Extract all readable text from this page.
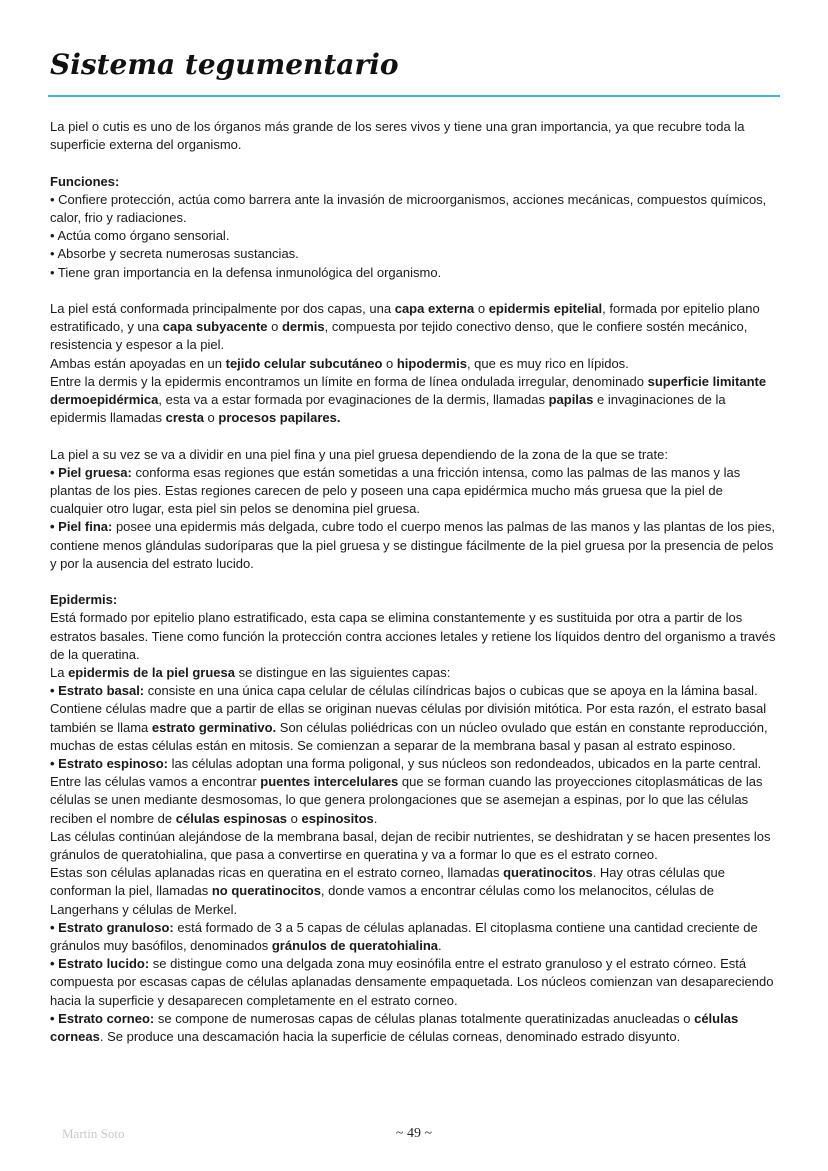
Sistema tegumentario

La piel o cutis es uno de los órganos más grande de los seres vivos y tiene una gran importancia, ya que recubre toda la superficie externa del organismo.

Funciones:

• Confiere protección, actúa como barrera ante la invasión de microorganismos, acciones mecánicas, compuestos químicos, calor, frio y radiaciones.

• Actúa como órgano sensorial.

• Absorbe y secreta numerosas sustancias.

• Tiene gran importancia en la defensa inmunológica del organismo.

La piel está conformada principalmente por dos capas, una capa externa o epidermis epitelial, formada por epitelio plano estratificado, y una capa subyacente o dermis, compuesta por tejido conectivo denso, que le confiere sostén mecánico, resistencia y espesor a la piel.

Ambas están apoyadas en un tejido celular subcutáneo o hipodermis, que es muy rico en lípidos.

Entre la dermis y la epidermis encontramos un límite en forma de línea ondulada irregular, denominado superficie limitante dermoepidérmica, esta va a estar formada por evaginaciones de la dermis, llamadas papilas e invaginaciones de la epidermis llamadas cresta o procesos papilares.

La piel a su vez se va a dividir en una piel fina y una piel gruesa dependiendo de la zona de la que se trate:

• Piel gruesa: conforma esas regiones que están sometidas a una fricción intensa, como las palmas de las manos y las plantas de los pies. Estas regiones carecen de pelo y poseen una capa epidérmica mucho más gruesa que la piel de cualquier otro lugar, esta piel sin pelos se denomina piel gruesa.

• Piel fina: posee una epidermis más delgada, cubre todo el cuerpo menos las palmas de las manos y las plantas de los pies, contiene menos glándulas sudoríparas que la piel gruesa y se distingue fácilmente de la piel gruesa por la presencia de pelos y por la ausencia del estrato lucido.

Epidermis:

Está formado por epitelio plano estratificado, esta capa se elimina constantemente y es sustituida por otra a partir de los estratos basales. Tiene como función la protección contra acciones letales y retiene los líquidos dentro del organismo a través de la queratina.

La epidermis de la piel gruesa se distingue en las siguientes capas:

• Estrato basal: consiste en una única capa celular de células cilíndricas bajos o cubicas que se apoya en la lámina basal. Contiene células madre que a partir de ellas se originan nuevas células por división mitótica. Por esta razón, el estrato basal también se llama estrato germinativo. Son células poliédricas con un núcleo ovulado que están en constante reproducción, muchas de estas células están en mitosis. Se comienzan a separar de la membrana basal y pasan al estrato espinoso.

• Estrato espinoso: las células adoptan una forma poligonal, y sus núcleos son redondeados, ubicados en la parte central. Entre las células vamos a encontrar puentes intercelulares que se forman cuando las proyecciones citoplasmáticas de las células se unen mediante desmosomas, lo que genera prolongaciones que se asemejan a espinas, por lo que las células reciben el nombre de células espinosas o espinositos.

Las células continúan alejándose de la membrana basal, dejan de recibir nutrientes, se deshidratan y se hacen presentes los gránulos de queratohialina, que pasa a convertirse en queratina y va a formar lo que es el estrato corneo.

Estas son células aplanadas ricas en queratina en el estrato corneo, llamadas queratinocitos. Hay otras células que conforman la piel, llamadas no queratinocitos, donde vamos a encontrar células como los melanocitos, células de Langerhans y células de Merkel.

• Estrato granuloso: está formado de 3 a 5 capas de células aplanadas. El citoplasma contiene una cantidad creciente de gránulos muy basófilos, denominados gránulos de queratohialina.

• Estrato lucido: se distingue como una delgada zona muy eosinófila entre el estrato granuloso y el estrato córneo. Está compuesta por escasas capas de células aplanadas densamente empaquetada. Los núcleos comienzan van desapareciendo hacia la superficie y desaparecen completamente en el estrato corneo.

• Estrato corneo: se compone de numerosas capas de células planas totalmente queratinizadas anucleadas o células corneas. Se produce una descamación hacia la superficie de células corneas, denominado estrado disyunto.

Martin Soto	~ 49 ~
